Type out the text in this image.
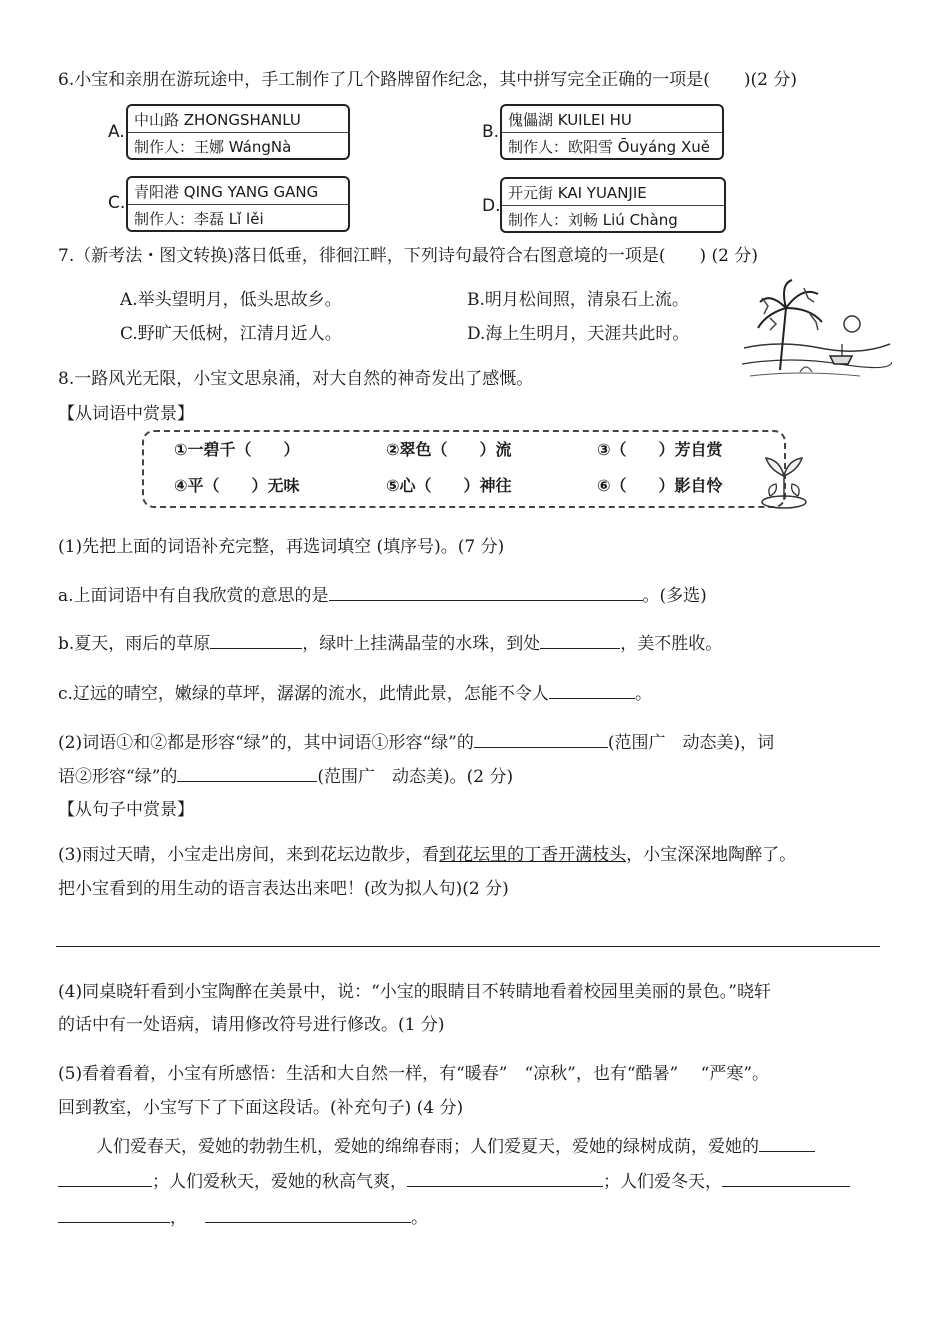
6.小宝和亲朋在游玩途中，手工制作了几个路牌留作纪念，其中拼写完全正确的一项是(　　)(2 分)
A.
中山路 ZHONGSHANLU
制作人：王娜 WángNà
B.
傀儡湖 KUILEI HU
制作人：欧阳雪 Ōuyáng Xuě
C.
青阳港 QING YANG GANG
制作人：李磊 Lǐ lěi
D.
开元街 KAI YUANJIE
制作人：刘畅 Liú Chàng
7.（新考法・图文转换)落日低垂，徘徊江畔，下列诗句最符合右图意境的一项是(　　) (2 分)
A.举头望明月，低头思故乡。	B.明月松间照，清泉石上流。
C.野旷天低树，江清月近人。	D.海上生明月，天涯共此时。
8.一路风光无限，小宝文思泉涌，对大自然的神奇发出了感慨。
【从词语中赏景】
①一碧千（　　）	②翠色（　　）流	③（　　）芳自赏
④平（　　）无味	⑤心（　　）神往	⑥（　　）影自怜
(1)先把上面的词语补充完整，再选词填空 (填序号)。(7 分)
a.上面词语中有自我欣赏的意思的是	。(多选)
b.夏天，雨后的草原	，绿叶上挂满晶莹的水珠，到处	，美不胜收。
c.辽远的晴空，嫩绿的草坪，潺潺的流水，此情此景，怎能不令人	。
(2)词语①和②都是形容“绿”的，其中词语①形容“绿”的	(范围广　动态美)，词
语②形容“绿”的	(范围广　动态美)。(2 分)
【从句子中赏景】
(3)雨过天晴，小宝走出房间，来到花坛边散步，看到花坛里的丁香开满枝头，小宝深深地陶醉了。
把小宝看到的用生动的语言表达出来吧！(改为拟人句)(2 分)
(4)同桌晓轩看到小宝陶醉在美景中，说：“小宝的眼睛目不转睛地看着校园里美丽的景色。”晓轩
的话中有一处语病，请用修改符号进行修改。(1 分)
(5)看着看着，小宝有所感悟：生活和大自然一样，有“暖春”　“凉秋”，也有“酷暑”　 “严寒”。
回到教室，小宝写下了下面这段话。(补充句子) (4 分)
人们爱春天，爱她的勃勃生机，爱她的绵绵春雨；人们爱夏天，爱她的绿树成荫，爱她的
；人们爱秋天，爱她的秋高气爽，	；人们爱冬天，
，	。
